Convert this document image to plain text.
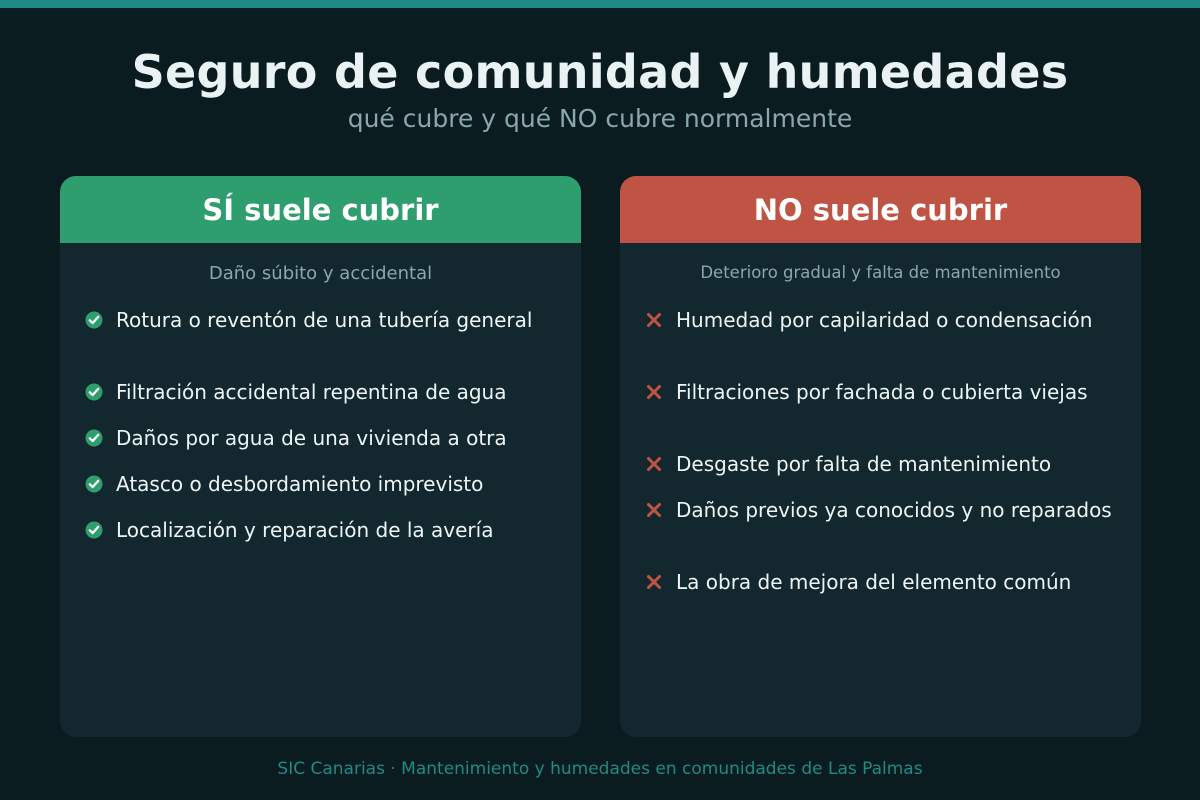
Seguro de comunidad y humedades
qué cubre y qué NO cubre normalmente
SÍ suele cubrir
Daño súbito y accidental
Rotura o reventón de una tubería general
Filtración accidental repentina de agua
Daños por agua de una vivienda a otra
Atasco o desbordamiento imprevisto
Localización y reparación de la avería
NO suele cubrir
Deterioro gradual y falta de mantenimiento
Humedad por capilaridad o condensación
Filtraciones por fachada o cubierta viejas
Desgaste por falta de mantenimiento
Daños previos ya conocidos y no reparados
La obra de mejora del elemento común
SIC Canarias · Mantenimiento y humedades en comunidades de Las Palmas
